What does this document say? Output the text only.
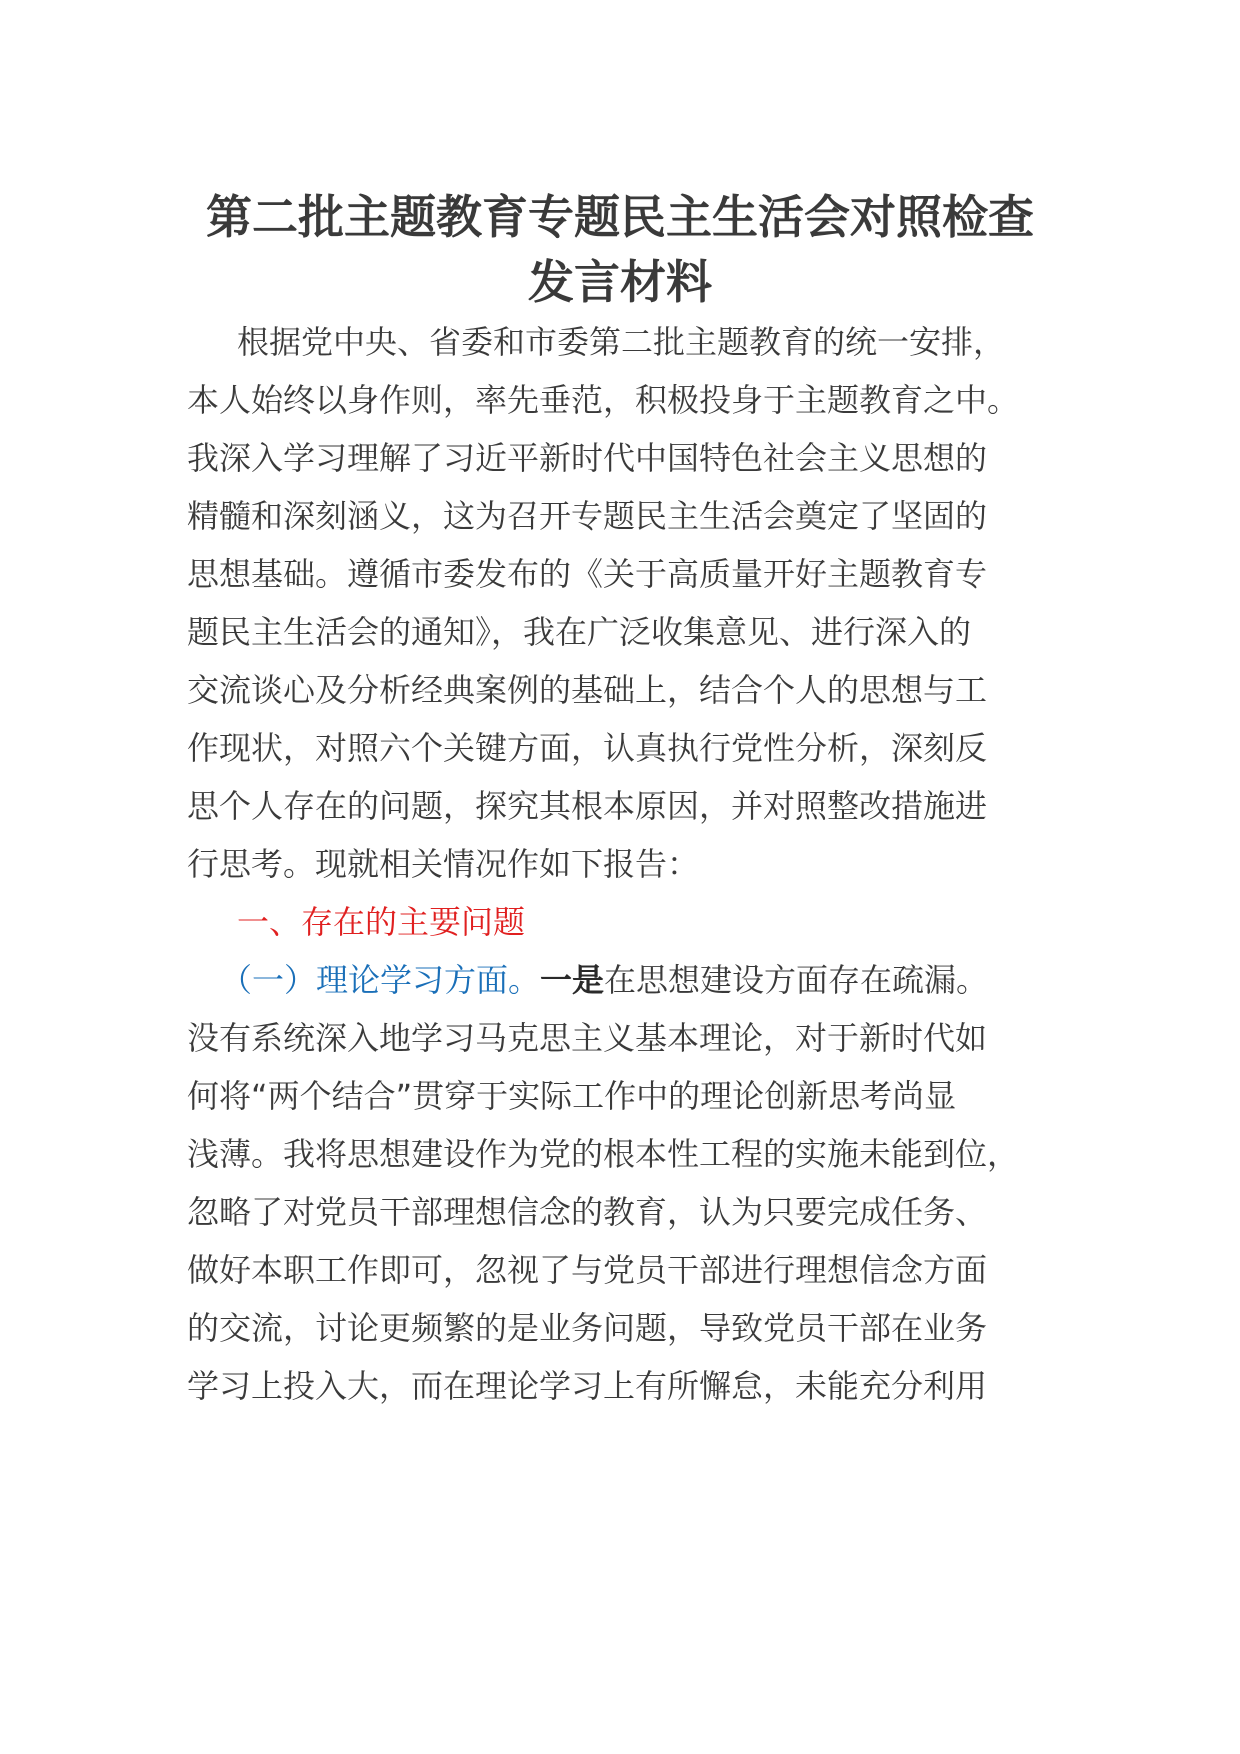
第二批主题教育专题民主生活会对照检查
发言材料
根据党中央、省委和市委第二批主题教育的统一安排，
本人始终以身作则，率先垂范，积极投身于主题教育之中。
我深入学习理解了习近平新时代中国特色社会主义思想的
精髓和深刻涵义，这为召开专题民主生活会奠定了坚固的
思想基础。遵循市委发布的《关于高质量开好主题教育专
题民主生活会的通知》，我在广泛收集意见、进行深入的
交流谈心及分析经典案例的基础上，结合个人的思想与工
作现状，对照六个关键方面，认真执行党性分析，深刻反
思个人存在的问题，探究其根本原因，并对照整改措施进
行思考。现就相关情况作如下报告：
一、存在的主要问题
（一）理论学习方面。一是在思想建设方面存在疏漏。
没有系统深入地学习马克思主义基本理论，对于新时代如
何将“两个结合”贯穿于实际工作中的理论创新思考尚显
浅薄。我将思想建设作为党的根本性工程的实施未能到位，
忽略了对党员干部理想信念的教育，认为只要完成任务、
做好本职工作即可，忽视了与党员干部进行理想信念方面
的交流，讨论更频繁的是业务问题，导致党员干部在业务
学习上投入大，而在理论学习上有所懈怠，未能充分利用
